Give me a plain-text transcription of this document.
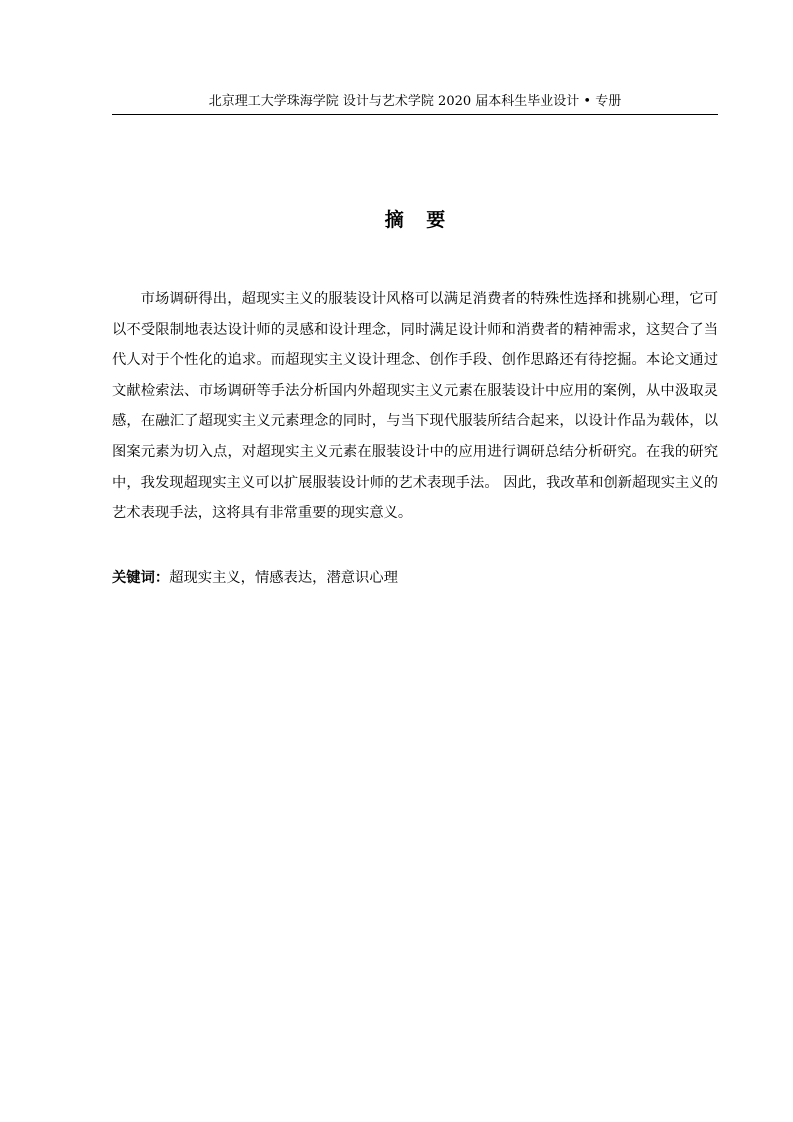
北京理工大学珠海学院 设计与艺术学院 2020 届本科生毕业设计 • 专册
摘 要

市场调研得出，超现实主义的服装设计风格可以满足消费者的特殊性选择和挑剔心理，它可以不受限制地表达设计师的灵感和设计理念，同时满足设计师和消费者的精神需求，这契合了当代人对于个性化的追求。而超现实主义设计理念、创作手段、创作思路还有待挖掘。本论文通过文献检索法、市场调研等手法分析国内外超现实主义元素在服装设计中应用的案例，从中汲取灵感，在融汇了超现实主义元素理念的同时，与当下现代服装所结合起来，以设计作品为载体，以图案元素为切入点，对超现实主义元素在服装设计中的应用进行调研总结分析研究。在我的研究中，我发现超现实主义可以扩展服装设计师的艺术表现手法。 因此，我改革和创新超现实主义的艺术表现手法，这将具有非常重要的现实意义。

关键词：超现实主义，情感表达，潜意识心理
